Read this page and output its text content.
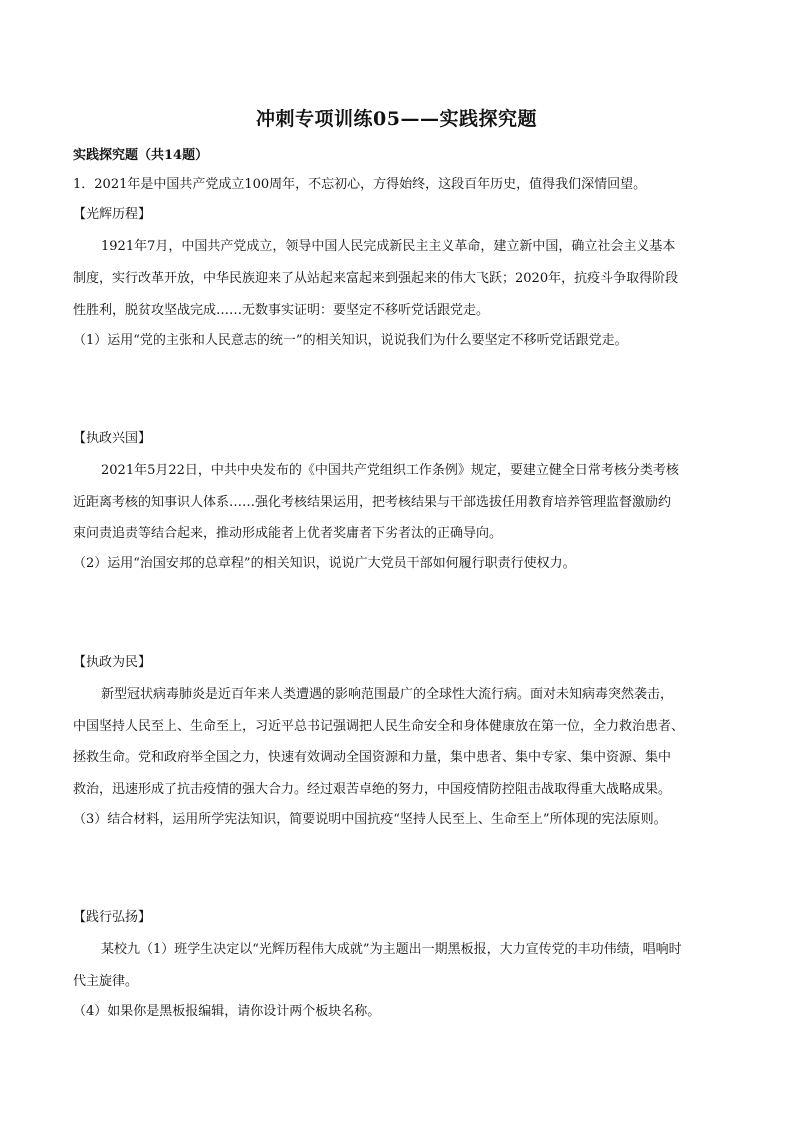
冲刺专项训练05——实践探究题

实践探究题（共14题）

1．2021年是中国共产党成立100周年，不忘初心，方得始终，这段百年历史，值得我们深情回望。

【光辉历程】

1921年7月，中国共产党成立，领导中国人民完成新民主主义革命，建立新中国，确立社会主义基本

制度，实行改革开放，中华民族迎来了从站起来富起来到强起来的伟大飞跃；2020年，抗疫斗争取得阶段

性胜利，脱贫攻坚战完成……无数事实证明：要坚定不移听党话跟党走。

（1）运用“党的主张和人民意志的统一”的相关知识，说说我们为什么要坚定不移听党话跟党走。

【执政兴国】

2021年5月22日，中共中央发布的《中国共产党组织工作条例》规定，要建立健全日常考核分类考核

近距离考核的知事识人体系……强化考核结果运用，把考核结果与干部选拔任用教育培养管理监督激励约

束问责追责等结合起来，推动形成能者上优者奖庸者下劣者汰的正确导向。

（2）运用“治国安邦的总章程”的相关知识，说说广大党员干部如何履行职责行使权力。

【执政为民】

新型冠状病毒肺炎是近百年来人类遭遇的影响范围最广的全球性大流行病。面对未知病毒突然袭击，

中国坚持人民至上、生命至上，习近平总书记强调把人民生命安全和身体健康放在第一位，全力救治患者、

拯救生命。党和政府举全国之力，快速有效调动全国资源和力量，集中患者、集中专家、集中资源、集中

救治，迅速形成了抗击疫情的强大合力。经过艰苦卓绝的努力，中国疫情防控阻击战取得重大战略成果。

（3）结合材料，运用所学宪法知识，简要说明中国抗疫“坚持人民至上、生命至上”所体现的宪法原则。

【践行弘扬】

某校九（1）班学生决定以“光辉历程伟大成就”为主题出一期黑板报，大力宣传党的丰功伟绩，唱响时

代主旋律。

（4）如果你是黑板报编辑，请你设计两个板块名称。
